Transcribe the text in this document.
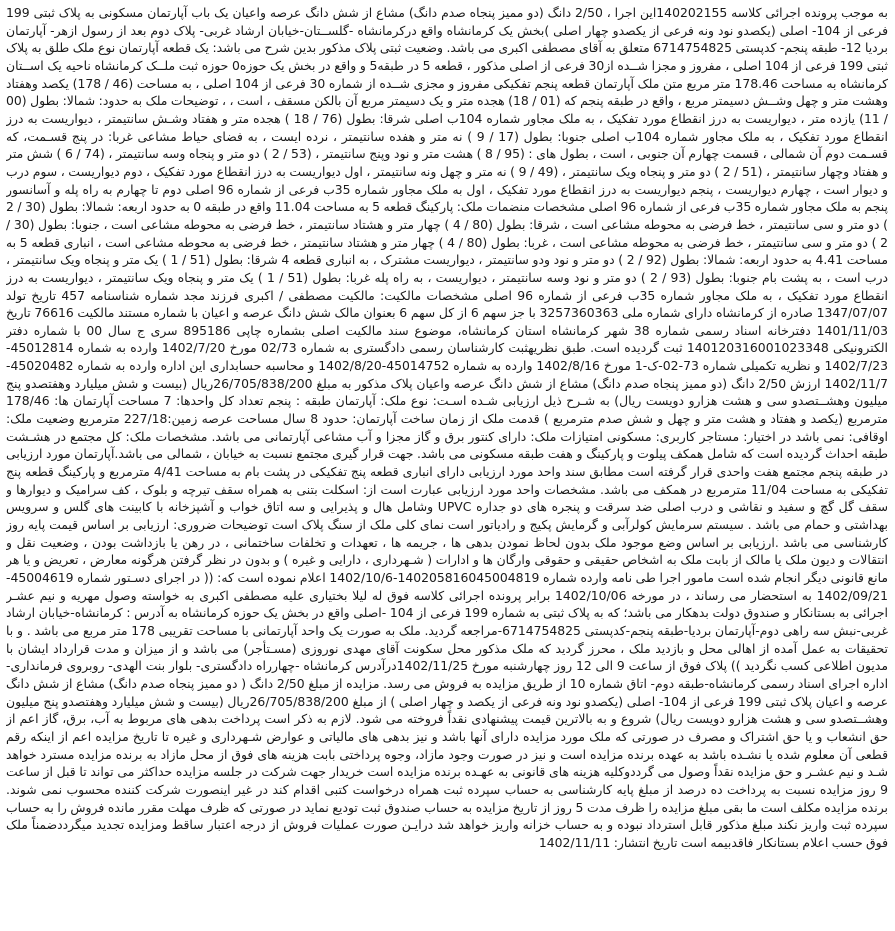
به موجب پرونده اجرائی کلاسه 140202155این اجرا ، 2/50 دانگ (دو ممیز پنجاه صدم دانگ) مشاع از شش دانگ عرصه واعیان یک باب آپارتمان مسکونی به پلاک ثبتی 199 فرعی از 104- اصلی (یکصدو نود ونه فرعی از یکصدو چهار اصلی )بخش یک کرمانشاه واقع درکرمانشاه -گلســتان-خیابان ارشاد غربی- پلاک دوم بعد از رسول ازهر- آپارتمان بردیا 12- طبقه پنجم- کدپستی 6714754825 متعلق به آقای مصطفی اکبری می باشد. وضعیت ثبتی پلاک مذکور بدین شرح می باشد: یک قطعه آپارتمان نوع ملک طلق به پلاک ثبتی 199 فرعی از 104 اصلی ، مفروز و مجزا شــده از30 فرعی از اصلی مذکور ، قطعه 5 در طبقه5 و واقع در بخش یک حوزه0 حوزه ثبت ملــک کرمانشاه ناحیه یک اســتان کرمانشاه به مساحت 178.46 متر مربع متن ملک آپارتمان قطعه پنجم تفکیکی مفروز و مجزی شــده از شماره 30 فرعی از 104 اصلی ، به مساحت (46 / 178) یکصد وهفتاد وهشت متر و چهل وشــش دسیمتر مربع ، واقع در طبقه پنجم که (01 / 18) هجده متر و یک دسیمتر مربع آن بالکن مسقف ، است ، ، توضیحات ملک به حدود: شمالا: بطول (00 / 11) یازده متر ، دیواریست به درز انقطاع مورد تفکیک ، به ملک مجاور شماره 104ب اصلی شرقا: بطول (76 / 18 ) هجده متر و هفتاد وشـش سانتیمتر ، دیواریست به درز انقطاع مورد تفکیک ، به ملک مجاور شماره 104ب اصلی جنوبا: بطول (17 / 9 ) نه متر و هفده سانتیمتر ، نرده ایست ، به فضای حیاط مشاعی غربا: در پنج قسـمت، که قسـمت دوم آن شمالی ، قسمت چهارم آن جنوبی ، است ، بطول های : (95 / 8 ) هشت متر و نود وپنج سانتیمتر ، (53 / 2 ) دو متر و پنجاه وسه سانتیمتر ، (74 / 6 ) شش متر و هفتاد وچهار سانتیمتر ، (51 / 2 ) دو متر و پنجاه ویک سانتیمتر ، (49 / 9 ) نه متر و چهل ونه سانتیمتر ، اول دیواریست به درز انقطاع مورد تفکیک ، دوم دیواریست ، سوم درب و دیوار است ، چهارم دیواریست ، پنجم دیواریست به درز انقطاع مورد تفکیک ، اول به ملک مجاور شماره 35ب فرعی از شماره 96 اصلی دوم تا چهارم به راه پله و آسانسور پنجم به ملک مجاور شماره 35ب فرعی از شماره 96 اصلی مشخصات منضمات ملک: پارکینگ قطعه 5 به مساحت 11.04 واقع در طبقه 0 به حدود اربعه: شمالا: بطول (30 / 2 ) دو متر و سی سانتیمتر ، خط فرضی به محوطه مشاعی است ، شرقا: بطول (80 / 4 ) چهار متر و هشتاد سانتیمتر ، خط فرضی به محوطه مشاعی است ، جنوبا: بطول (30 / 2 ) دو متر و سی سانتیمتر ، خط فرضی به محوطه مشاعی است ، غربا: بطول (80 / 4 ) چهار متر و هشتاد سانتیمتر ، خط فرضی به محوطه مشاعی است ، انباری قطعه 5 به مساحت 4.41 به حدود اربعه: شمالا: بطول (92 / 2 ) دو متر و نود ودو سانتیمتر ، دیواریست مشترک ، به انباری قطعه 4 شرقا: بطول (51 / 1 ) یک متر و پنجاه ویک سانتیمتر ، درب است ، به پشت بام جنوبا: بطول (93 / 2 ) دو متر و نود وسه سانتیمتر ، دیواریست ، به راه پله غربا: بطول (51 / 1 ) یک متر و پنجاه ویک سانتیمتر ، دیواریست به درز انقطاع مورد تفکیک ، به ملک مجاور شماره 35ب فرعی از شماره 96 اصلی مشخصات مالکیت: مالکیت مصطفی / اکبری فرزند مجد شماره شناسنامه 457 تاریخ تولد 1347/07/07 صادره از کرمانشاه دارای شماره ملی 3257360363 با جز سهم 6 از کل سهم 6 بعنوان مالک شش دانگ عرصه و اعیان با شماره مستند مالکیت 76616 تاریخ 1401/11/03 دفترخانه اسناد رسمی شماره 38 شهر کرمانشاه استان کرمانشاه، موضوع سند مالکیت اصلی بشماره چاپی 895186 سری ج سال 00 با شماره دفتر الکترونیکی 140120316001023348 ثبت گردیده است. طبق نظریهثبت کارشناسان رسمی دادگستری به شماره 02/73 مورخ 1402/7/20 وارده به شماره 45012814-1402/7/23 و نظریه تکمیلی شماره 73-02-ک-1 مورخ 1402/8/16 وارده به شماره 45014752-1402/8/20 و محاسبه حسابداری این اداره وارده به شماره 45020482-1402/11/7 ارزش 2/50 دانگ (دو ممیز پنجاه صدم دانگ) مشاع از شش دانگ عرصه واعیان پلاک مذکور به مبلغ 26/705/838/200ریال (بیست و شش میلیارد وهفتصدو پنج میلیون وهشــتصدو سی و هشت هزارو دویست ریال) به شـرح ذیل ارزیابی شـده اسـت: نوع ملک: آپارتمان طبقه : پنجم تعداد کل واحدها: 7 مساحت آپارتمان ها: 178/46 مترمربع (یکصد و هفتاد و هشت متر و چهل و شش صدم مترمربع ) قدمت ملک از زمان ساخت آپارتمان: حدود 8 سال مساحت عرصه زمین:227/18 مترمربع وضعیت ملک: اوقافی: نمی باشد در اختیار: مستاجر کاربری: مسکونی امتیازات ملک: دارای کنتور برق و گاز مجزا و آب مشاعی آپارتمانی می باشد. مشخصات ملک: کل مجتمع در هشـشت طبقه احداث گردیده است که شامل همکف پیلوت و پارکینگ و هفت طبقه مسکونی می باشد. جهت قرار گیری مجتمع نسبت به خیابان ، شمالی می باشد.آپارتمان مورد ارزیابی در طبقه پنجم مجتمع هفت واحدی قرار گرفته است مطابق سند واحد مورد ارزیابی دارای انباری قطعه پنج تفکیکی در پشت بام به مساحت 4/41 مترمربع و پارکینگ قطعه پنج تفکیکی به مساحت 11/04 مترمربع در همکف می باشد. مشخصات واحد مورد ارزیابی عبارت است از: اسکلت بتنی به همراه سقف تیرچه و بلوک ، کف سرامیک و دیوارها و سقف گل گچ و سفید و نقاشی و درب اصلی ضد سرقت و پنجره های دو جداره UPVC وشامل هال و پذیرایی و سه اتاق خواب و آشپزخانه با کابینت های گلس و سرویس بهداشتی و حمام می باشد . سیستم سرمایش کولرآبی و گرمایش پکیج و رادیاتور است نمای کلی ملک از سنگ پلاک است توضیحات ضروری: ارزیابی بر اساس قیمت پایه روز کارشناسی می باشد .ارزیابی بر اساس وضع موجود ملک بدون لحاظ نمودن بدهی ها ، جریمه ها ، تعهدات و تخلفات ساختمانی ، در رهن یا بازداشت بودن ، وضعیت نقل و انتقالات و دیون ملک یا مالک از بابت ملک به اشخاص حقیقی و حقوقی وارگان ها و ادارات ( شـهرداری ، دارایی و غیره ) و بدون در نظر گرفتن هرگونه معارض ، تعریض و یا هر مانع قانونی دیگر انجام شده است مامور اجرا طی نامه وارده شماره 140205816045004819-1402/10/6 اعلام نموده است که: (( در اجرای دسـتور شماره 45004619-1402/09/21 به استحضار می رساند ، در مورخه 1402/10/06 برابر پرونده اجرائی کلاسه فوق له لیلا بختیاری علیه مصطفی اکبری به خواسته وصول مهریه و نیم عشـر اجرائی به بستانکار و صندوق دولت بدهکار می باشد؛ که به پلاک ثبتی به شماره 199 فرعی از 104 -اصلی واقع در بخش یک حوزه کرمانشاه به آدرس : کرمانشاه-خیابان ارشاد غربی-نبش سه راهی دوم-آپارتمان بردیا-طبقه پنجم-کدپستی 6714754825-مراجعه گردید. ملک به صورت یک واحد آپارتمانی با مساحت تقریبی 178 متر مربع می باشد . و با تحقیقات به عمل آمده از اهالی محل و بازدید ملک ، محرز گردید که ملک مذکور محل سکونت آقای مهدی نوروزی (مسـتأجر) می باشد و از میزان و مدت قرارداد ایشان با مدیون اطلاعی کسب نگردید )) پلاک فوق از ساعت 9 الی 12 روز چهارشنبه مورخ 1402/11/25درآدرس کرمانشاه -چهارراه دادگستری- بلوار بنت الهدی- روبروی فرمانداری- اداره اجرای اسناد رسمی کرمانشاه-طبقه دوم- اتاق شماره 10 از طریق مزایده به فروش می رسد. مزایده از مبلغ 2/50 دانگ ( دو ممیز پنجاه صدم دانگ) مشاع از شش دانگ عرصه و اعیان پلاک ثبتی 199 فرعی از 104- اصلی (یکصدو نود ونه فرعی از یکصد و چهار اصلی ) از مبلغ 26/705/838/200ریال (بیست و شش میلیارد وهفتصدو پنج میلیون وهشــتصدو سی و هشت هزارو دویست ریال) شروع و به بالاترین قیمت پیشنهادی نقداً فروخته می شود. لازم به ذکر است پرداخت بدهی های مربوط به آب، برق، گاز اعم از حق انشعاب و یا حق اشتراک و مصرف در صورتی که ملک مورد مزایده دارای آنها باشد و نیز بدهی های مالیاتی و عوارض شـهرداری و غیره تا تاریخ مزایده اعم از اینکه رقم قطعی آن معلوم شده یا نشـده باشد به عهده برنده مزایده است و نیز در صورت وجود مازاد، وجوه پرداختی بابت هزینه های فوق از محل مازاد به برنده مزایده مسترد خواهد شـد و نیم عشـر و حق مزایده نقداً وصول می گرددوکلیه هزینه های قانونی به عهـده برنده مزایده است خریدار جهت شرکت در جلسه مزایده حداکثر می تواند تا قبل از ساعت 9 روز مزایده نسبت به پرداخت ده درصد از مبلغ پایه کارشناسی به حساب سپرده ثبت همراه درخواست کتبی اقدام کند در غیر اینصورت شرکت کننده محسوب نمی شوند. برنده مزایده مکلف است ما بقی مبلغ مزایده را ظرف مدت 5 روز از تاریخ مزایده به حساب صندوق ثبت تودیع نماید در صورتی که ظرف مهلت مقرر مانده فروش را به حساب سپرده ثبت واریز نکند مبلغ مذکور قابل استرداد نبوده و به حساب خزانه واریز خواهد شد درایـن صورت عملیات فروش از درجه اعتبار ساقط ومزایده تجدید میگرددضمناً ملک فوق حسب اعلام بستانکار فاقدبیمه است تاریخ انتشار: 1402/11/11
